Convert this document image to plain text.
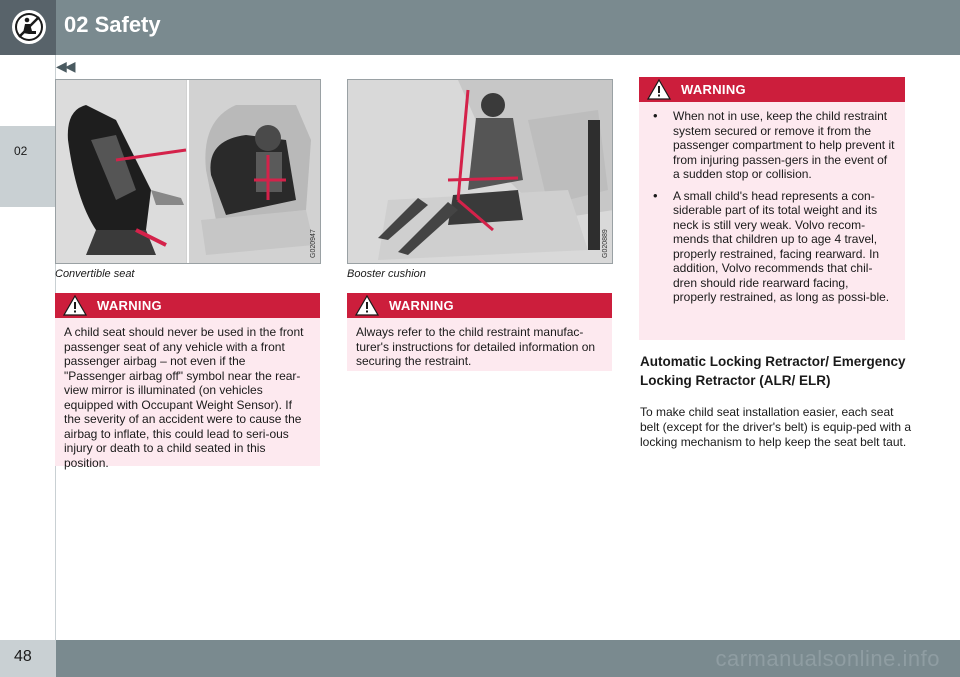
02 Safety
◀◀
02
G020947
Convertible seat
G020889
Booster cushion
WARNING
A child seat should never be used in the front passenger seat of any vehicle with a front passenger airbag – not even if the "Passenger airbag off" symbol near the rear-view mirror is illuminated (on vehicles equipped with Occupant Weight Sensor). If the severity of an accident were to cause the airbag to inflate, this could lead to seri-ous injury or death to a child seated in this position.
WARNING
Always refer to the child restraint manufac-turer's instructions for detailed information on securing the restraint.
WARNING
• When not in use, keep the child restraint system secured or remove it from the passenger compartment to help prevent it from injuring passen-gers in the event of a sudden stop or collision.
• A small child's head represents a con-siderable part of its total weight and its neck is still very weak. Volvo recom-mends that children up to age 4 travel, properly restrained, facing rearward. In addition, Volvo recommends that chil-dren should ride rearward facing, properly restrained, as long as possi-ble.
Automatic Locking Retractor/ Emergency Locking Retractor (ALR/ ELR)
To make child seat installation easier, each seat belt (except for the driver's belt) is equip-ped with a locking mechanism to help keep the seat belt taut.
48	carmanualsonline.info
